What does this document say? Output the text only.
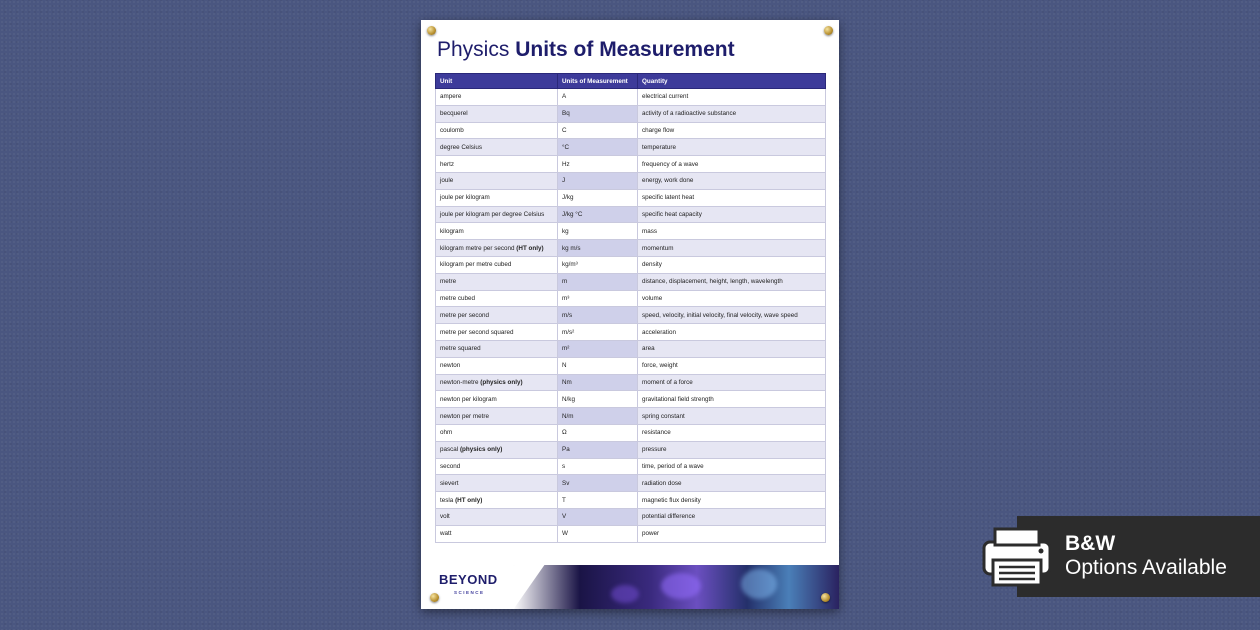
Physics Units of Measurement
Unit	Units of Measurement	Quantity
ampere	A	electrical current
becquerel	Bq	activity of a radioactive substance
coulomb	C	charge flow
degree Celsius	°C	temperature
hertz	Hz	frequency of a wave
joule	J	energy, work done
joule per kilogram	J/kg	specific latent heat
joule per kilogram per degree Celsius	J/kg °C	specific heat capacity
kilogram	kg	mass
kilogram metre per second (HT only)	kg m/s	momentum
kilogram per metre cubed	kg/m³	density
metre	m	distance, displacement, height, length, wavelength
metre cubed	m³	volume
metre per second	m/s	speed, velocity, initial velocity, final velocity, wave speed
metre per second squared	m/s²	acceleration
metre squared	m²	area
newton	N	force, weight
newton-metre (physics only)	Nm	moment of a force
newton per kilogram	N/kg	gravitational field strength
newton per metre	N/m	spring constant
ohm	Ω	resistance
pascal (physics only)	Pa	pressure
second	s	time, period of a wave
sievert	Sv	radiation dose
tesla (HT only)	T	magnetic flux density
volt	V	potential difference
watt	W	power
BEYOND
SCIENCE
B&W
Options Available
